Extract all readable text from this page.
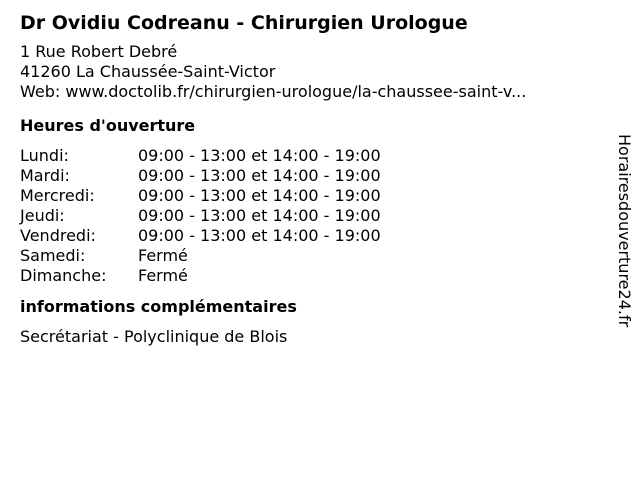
Dr Ovidiu Codreanu - Chirurgien Urologue
1 Rue Robert Debré
41260 La Chaussée-Saint-Victor
Web: www.doctolib.fr/chirurgien-urologue/la-chaussee-saint-v...
Heures d'ouverture
Lundi:	09:00 - 13:00 et 14:00 - 19:00
Mardi:	09:00 - 13:00 et 14:00 - 19:00
Mercredi:	09:00 - 13:00 et 14:00 - 19:00
Jeudi:	09:00 - 13:00 et 14:00 - 19:00
Vendredi:	09:00 - 13:00 et 14:00 - 19:00
Samedi:	Fermé
Dimanche:	Fermé
informations complémentaires
Secrétariat - Polyclinique de Blois
Horairesdouverture24.fr
